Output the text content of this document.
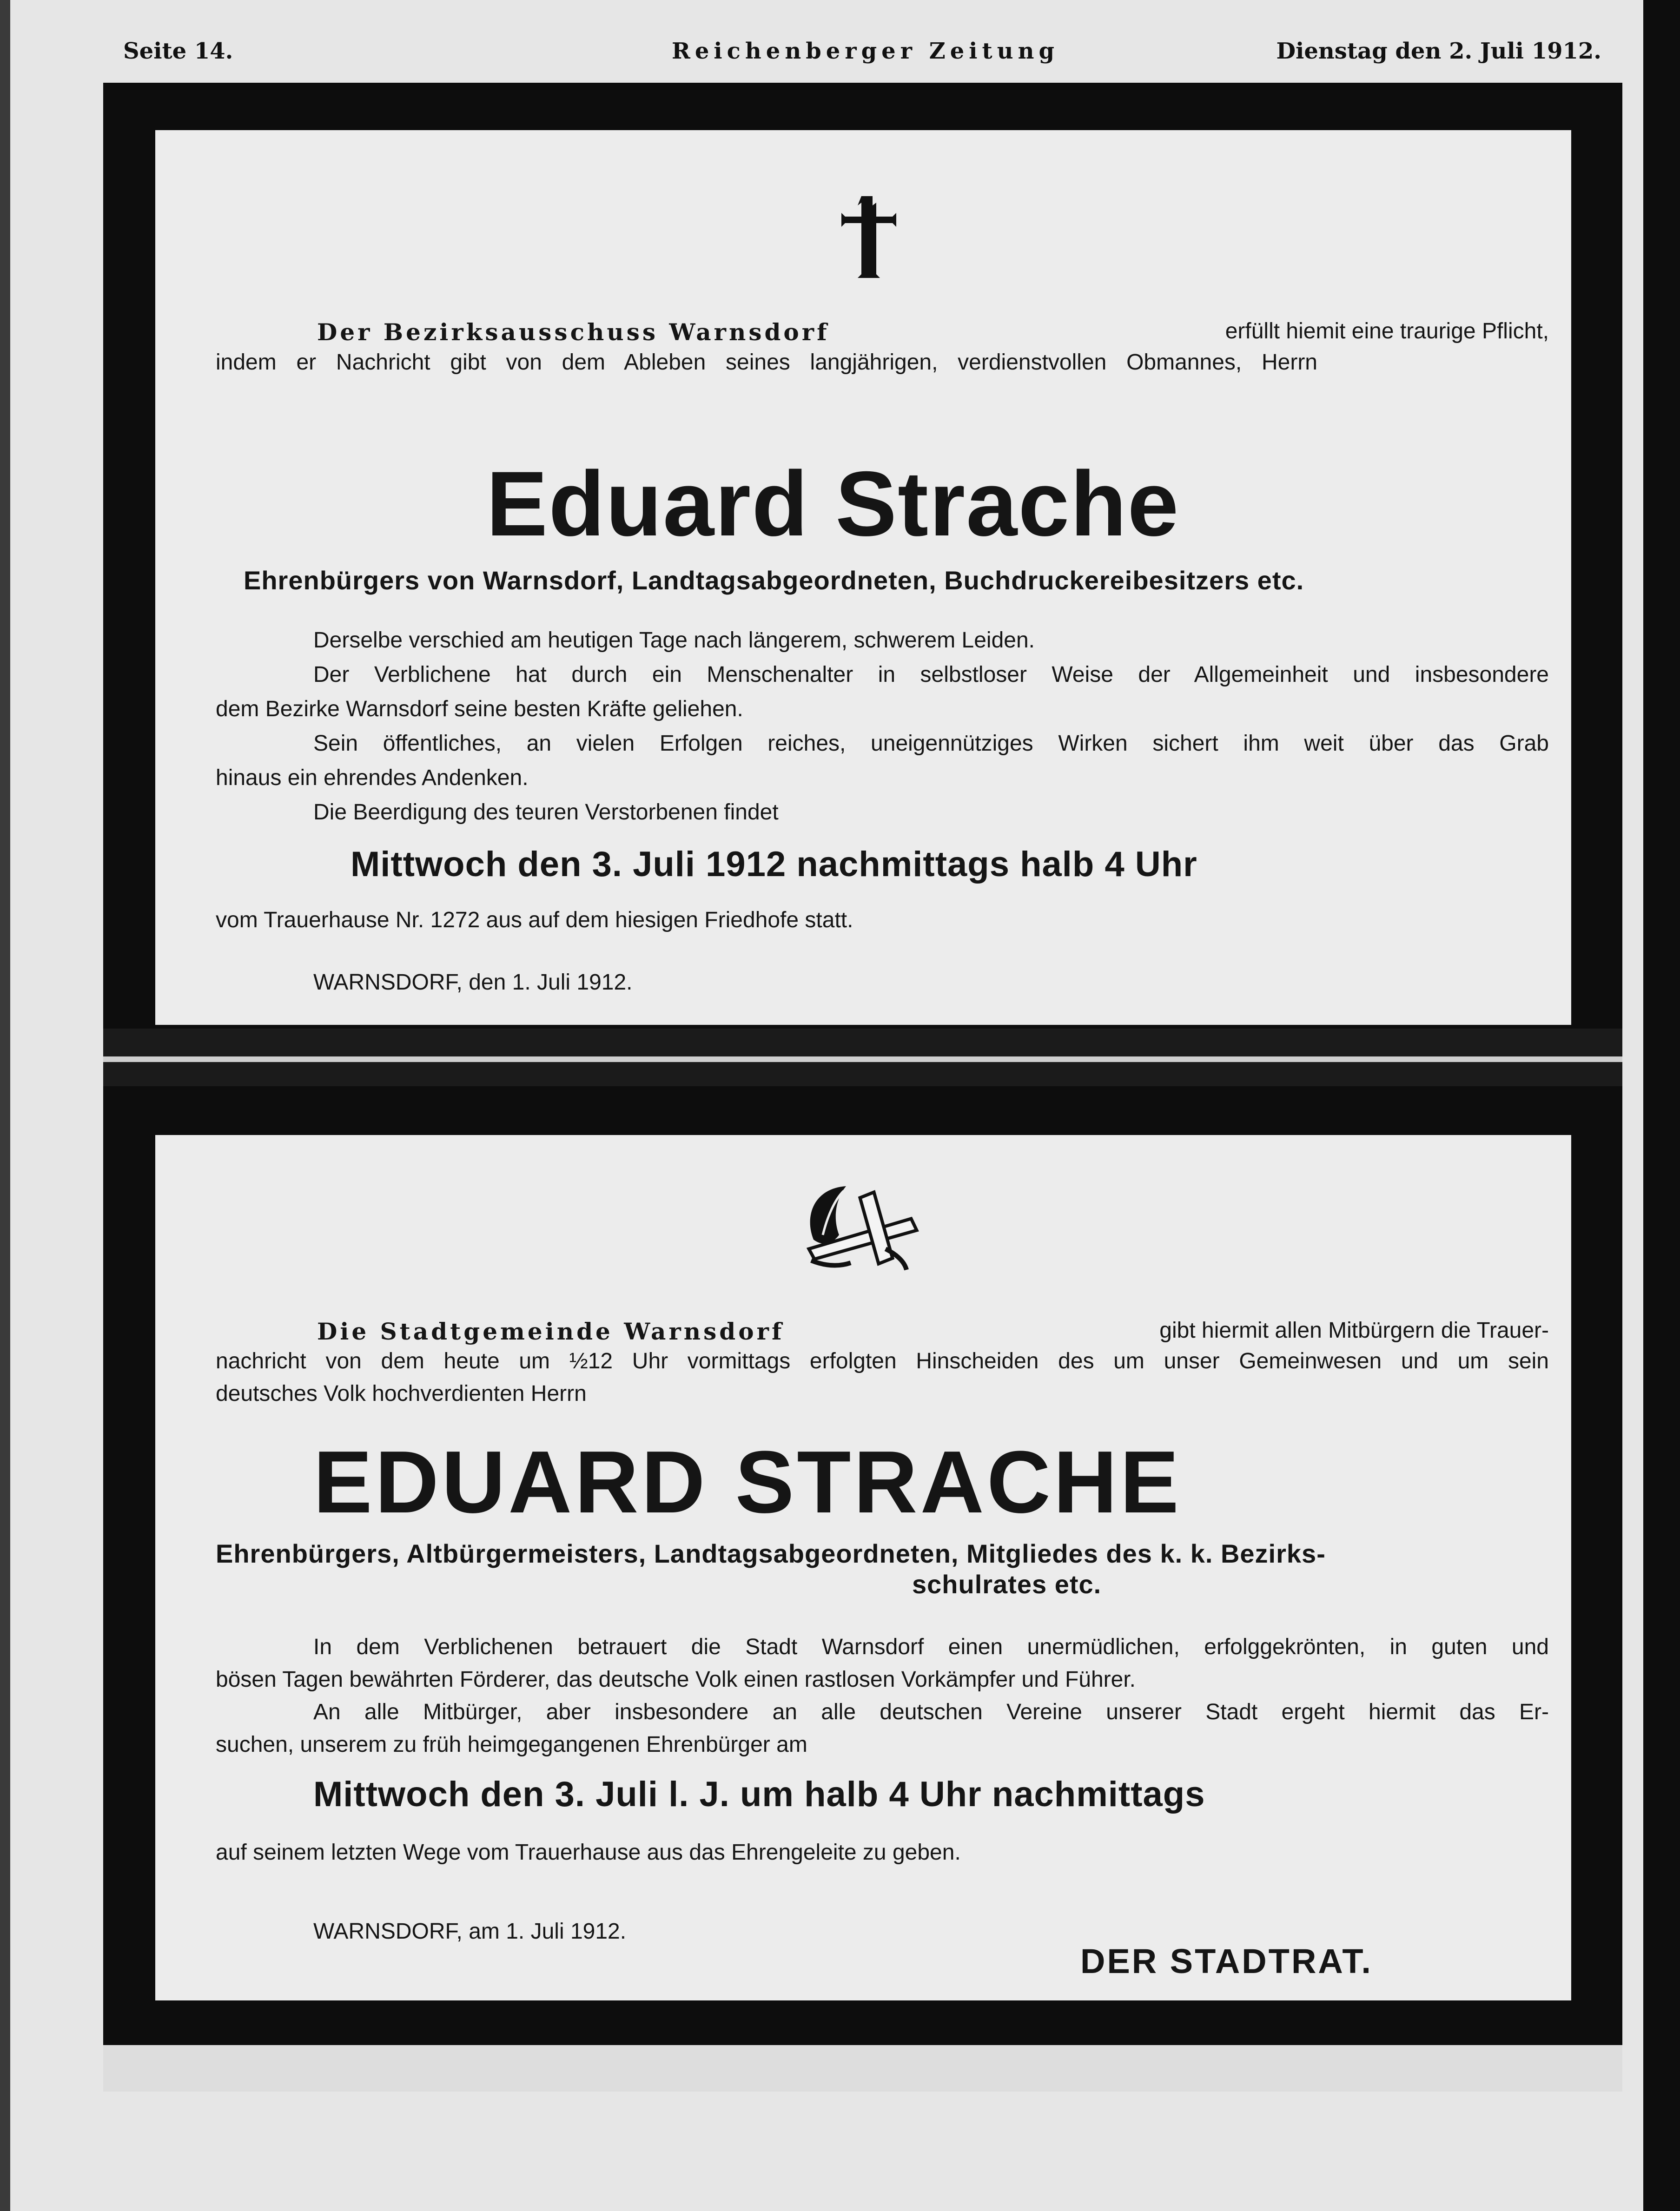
Seite 14.	Reichenberger Zeitung	Dienstag den 2. Juli 1912.
Der Bezirksausschuss Warnsdorf	erfüllt hiemit eine traurige Pflicht,
indem er Nachricht gibt von dem Ableben seines langjährigen, verdienstvollen Obmannes, Herrn
Eduard Strache
Ehrenbürgers von Warnsdorf, Landtagsabgeordneten, Buchdruckereibesitzers etc.
Derselbe verschied am heutigen Tage nach längerem, schwerem Leiden.
Der Verblichene hat durch ein Menschenalter in selbstloser Weise der Allgemeinheit und insbesondere
dem Bezirke Warnsdorf seine besten Kräfte geliehen.
Sein öffentliches, an vielen Erfolgen reiches, uneigennütziges Wirken sichert ihm weit über das Grab
hinaus ein ehrendes Andenken.
Die Beerdigung des teuren Verstorbenen findet
Mittwoch den 3. Juli 1912 nachmittags halb 4 Uhr
vom Trauerhause Nr. 1272 aus auf dem hiesigen Friedhofe statt.
WARNSDORF, den 1. Juli 1912.
Die Stadtgemeinde Warnsdorf	gibt hiermit allen Mitbürgern die Trauer-
nachricht von dem heute um ½12 Uhr vormittags erfolgten Hinscheiden des um unser Gemeinwesen und um sein
deutsches Volk hochverdienten Herrn
EDUARD STRACHE
Ehrenbürgers, Altbürgermeisters, Landtagsabgeordneten, Mitgliedes des k. k. Bezirks-
schulrates etc.
In dem Verblichenen betrauert die Stadt Warnsdorf einen unermüdlichen, erfolggekrönten, in guten und
bösen Tagen bewährten Förderer, das deutsche Volk einen rastlosen Vorkämpfer und Führer.
An alle Mitbürger, aber insbesondere an alle deutschen Vereine unserer Stadt ergeht hiermit das Er-
suchen, unserem zu früh heimgegangenen Ehrenbürger am
Mittwoch den 3. Juli l. J. um halb 4 Uhr nachmittags
auf seinem letzten Wege vom Trauerhause aus das Ehrengeleite zu geben.
WARNSDORF, am 1. Juli 1912.
DER STADTRAT.
